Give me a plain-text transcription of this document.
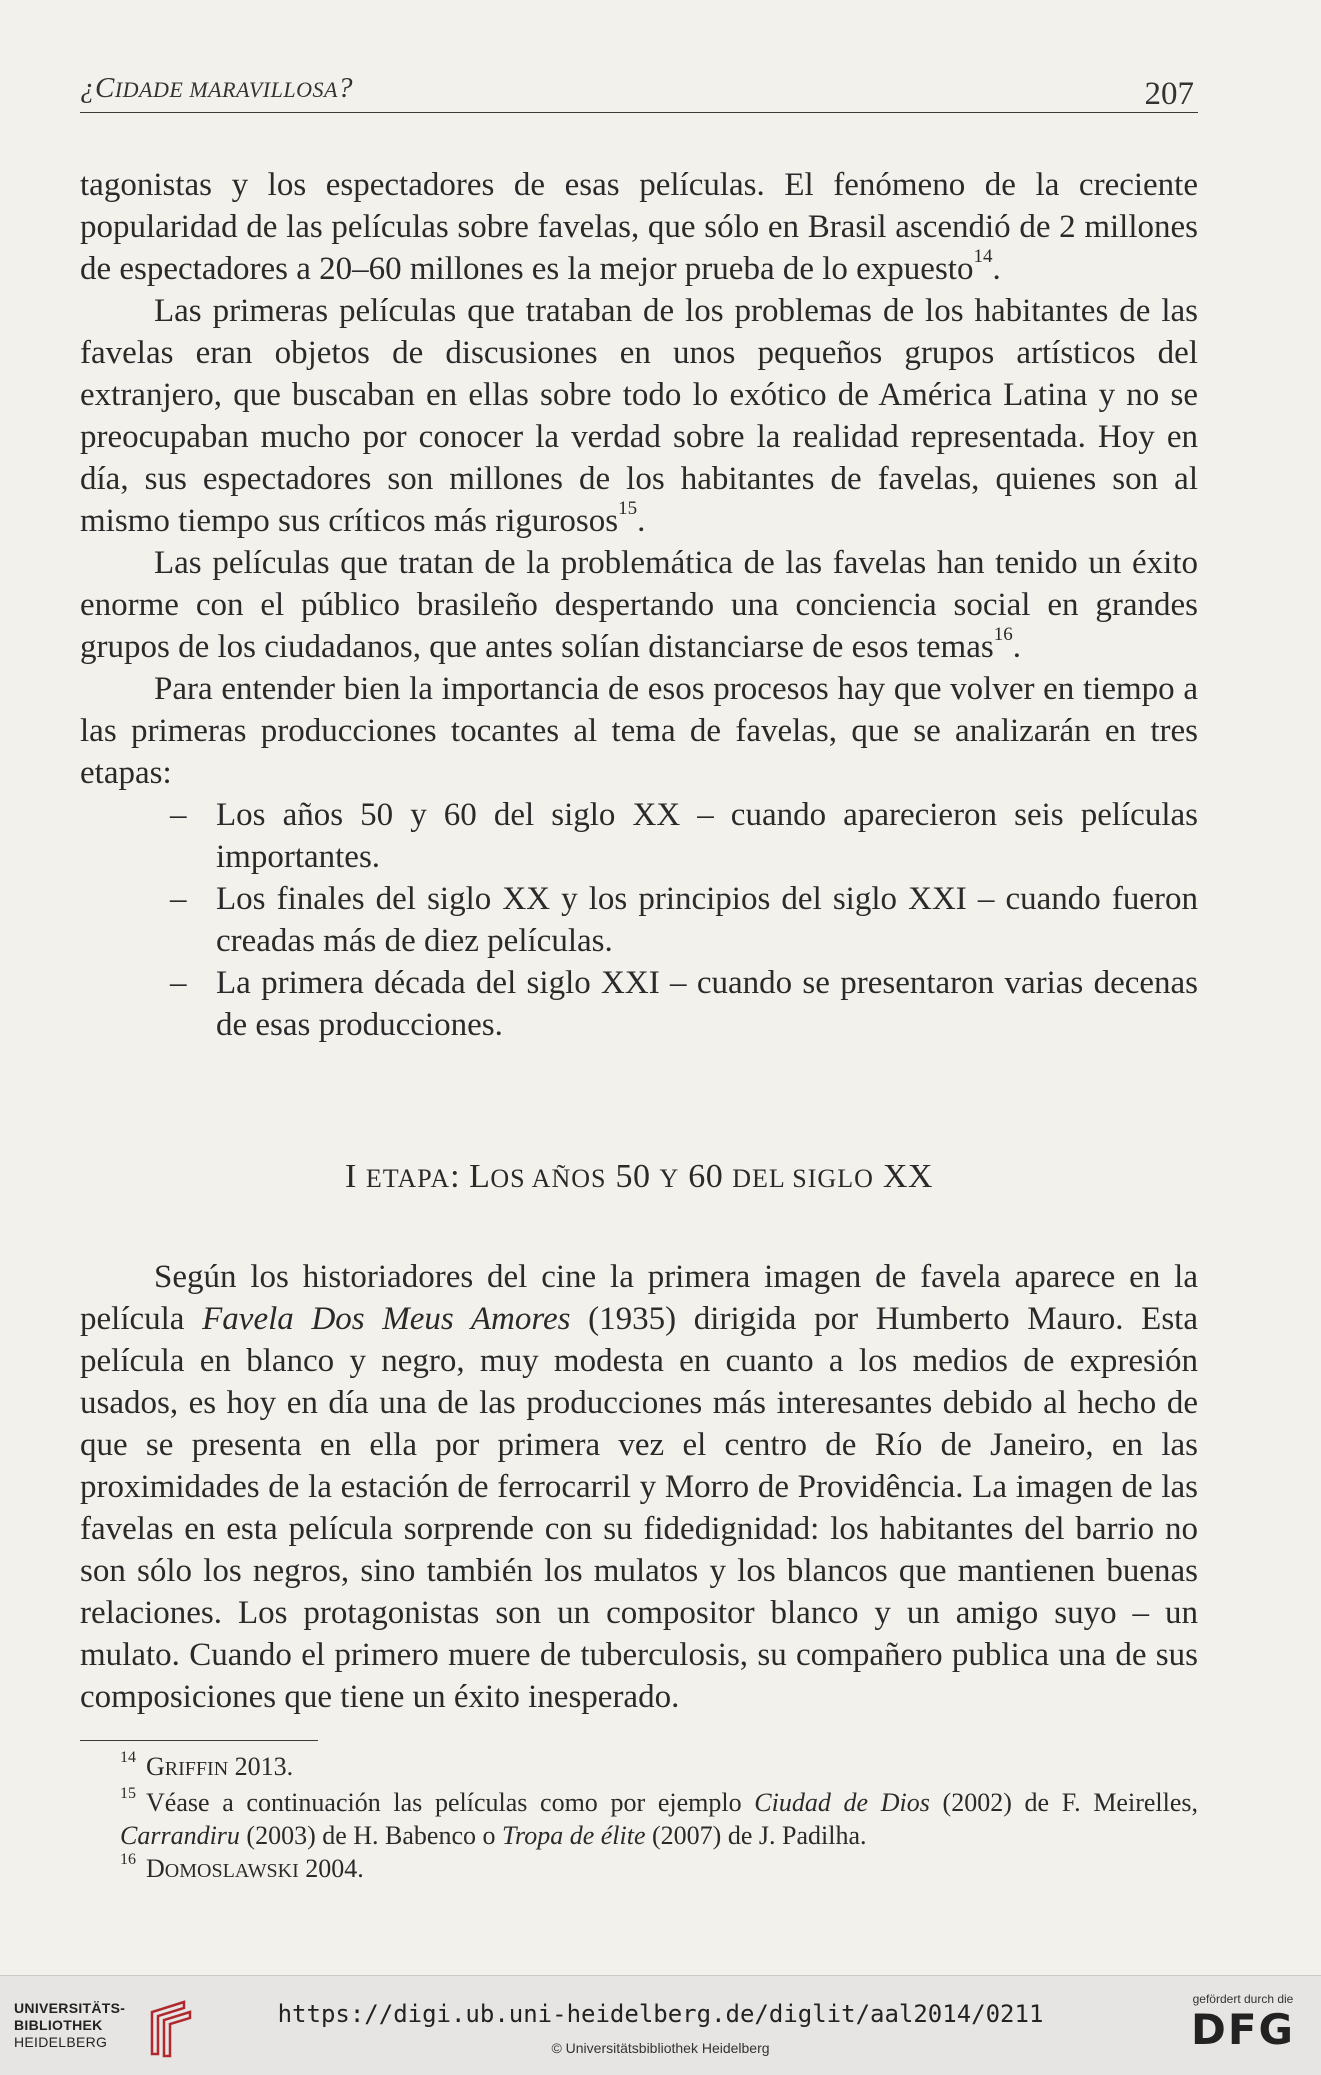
¿CIDADE MARAVILLOSA?	207

tagonistas y los espectadores de esas películas. El fenómeno de la creciente popularidad de las películas sobre favelas, que sólo en Brasil ascendió de 2 millones de espectadores a 20–60 millones es la mejor prueba de lo expuesto$^{14}$.

Las primeras películas que trataban de los problemas de los habitantes de las favelas eran objetos de discusiones en unos pequeños grupos artísticos del extranjero, que buscaban en ellas sobre todo lo exótico de América Latina y no se preocupaban mucho por conocer la verdad sobre la realidad representada. Hoy en día, sus espectadores son millones de los habitantes de favelas, quienes son al mismo tiempo sus críticos más rigurosos$^{15}$.

Las películas que tratan de la problemática de las favelas han tenido un éxito enorme con el público brasileño despertando una conciencia social en grandes grupos de los ciudadanos, que antes solían distanciarse de esos temas$^{16}$.

Para entender bien la importancia de esos procesos hay que volver en tiempo a las primeras producciones tocantes al tema de favelas, que se analizarán en tres etapas:

– Los años 50 y 60 del siglo XX – cuando aparecieron seis películas importantes.
– Los finales del siglo XX y los principios del siglo XXI – cuando fueron creadas más de diez películas.
– La primera década del siglo XXI – cuando se presentaron varias decenas de esas producciones.
I ETAPA: LOS AÑOS 50 Y 60 DEL SIGLO XX

Según los historiadores del cine la primera imagen de favela aparece en la película Favela Dos Meus Amores (1935) dirigida por Humberto Mauro. Esta película en blanco y negro, muy modesta en cuanto a los medios de expresión usados, es hoy en día una de las producciones más interesantes debido al hecho de que se presenta en ella por primera vez el centro de Río de Janeiro, en las proximidades de la estación de ferrocarril y Morro de Providência. La imagen de las favelas en esta película sorprende con su fidedignidad: los habitantes del barrio no son sólo los negros, sino también los mulatos y los blancos que mantienen buenas relaciones. Los protagonistas son un compositor blanco y un amigo suyo – un mulato. Cuando el primero muere de tuberculosis, su compañero publica una de sus composiciones que tiene un éxito inesperado.

$^{14}$ GRIFFIN 2013.

$^{15}$ Véase a continuación las películas como por ejemplo Ciudad de Dios (2002) de F. Meirelles, Carrandiru (2003) de H. Babenco o Tropa de élite (2007) de J. Padilha.

$^{16}$ DOMOSLAWSKI 2004.

UNIVERSITÄTS-
BIBLIOTHEK
HEIDELBERG
https://digi.ub.uni-heidelberg.de/diglit/aal2014/0211
© Universitätsbibliothek Heidelberg
gefördert durch die
DFG
